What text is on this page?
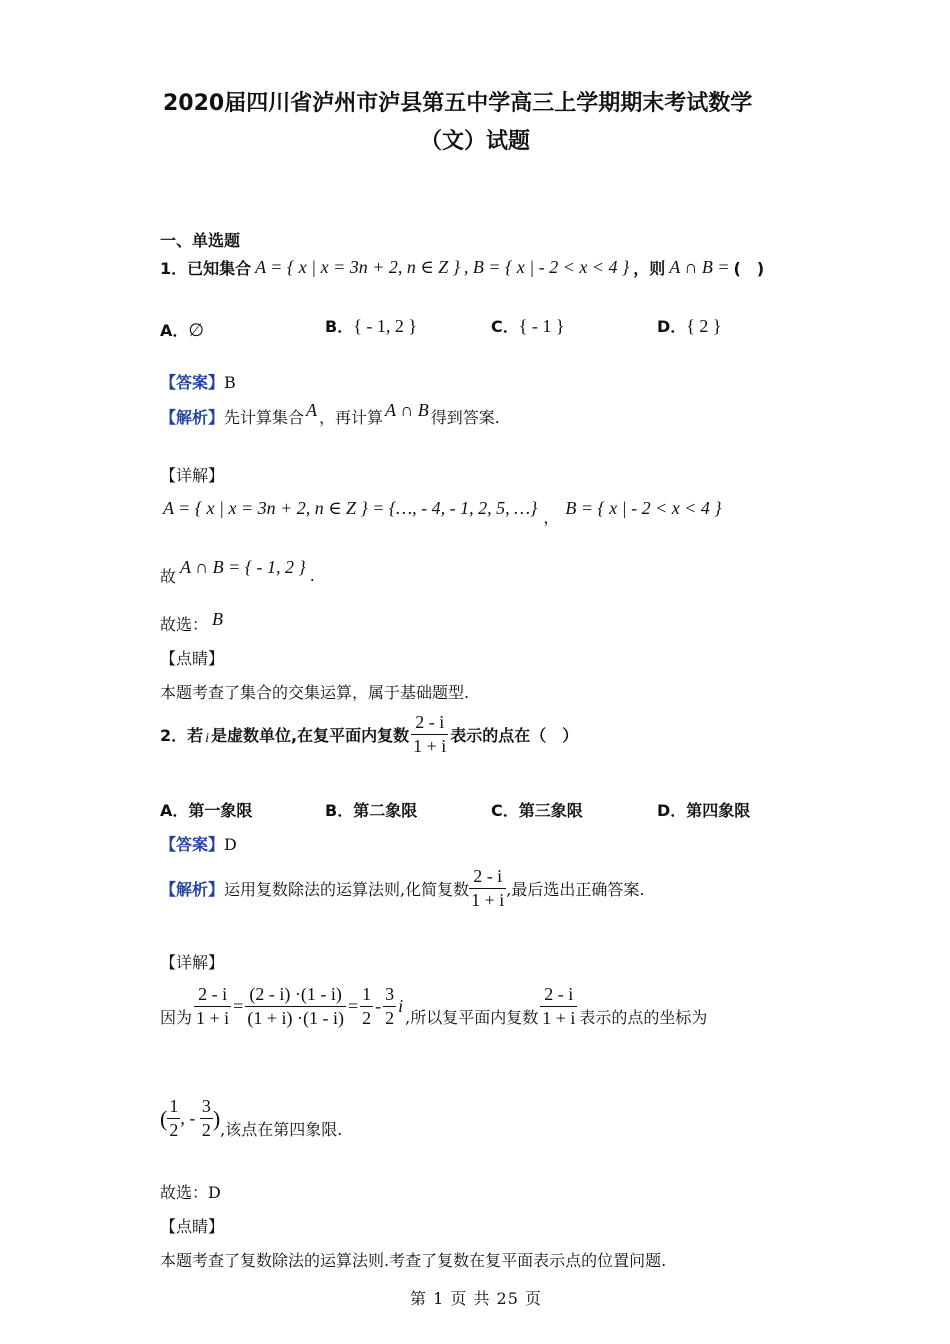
2020届四川省泸州市泸县第五中学高三上学期期末考试数学
（文）试题
一、单选题
1．已知集合 A = { x | x = 3n + 2, n ∈ Z } , B = { x | - 2 < x < 4 } ，则 A ∩ B = (　)
A．∅	B．{ - 1, 2 }	C．{ - 1 }	D．{ 2 }
【答案】B
【解析】 先计算集合 A ，再计算 A ∩ B 得到答案.
【详解】
A = { x | x = 3n + 2, n ∈ Z } = {…, - 4, - 1, 2, 5, …} ， B = { x | - 2 < x < 4 }
故 A ∩ B = { - 1, 2 } .
故选： B
【点睛】
本题考查了集合的交集运算，属于基础题型.
2．若 i 是虚数单位,在复平面内复数 $\frac{2 - i}{1 + i}$ 表示的点在（　）
A．第一象限	B．第二象限	C．第三象限	D．第四象限
【答案】D
【解析】 运用复数除法的运算法则,化简复数 $\frac{2 - i}{1 + i}$ ,最后选出正确答案.
【详解】
因为 $\frac{2 - i}{1 + i} = \frac{(2 - i) \cdot(1 - i)}{(1 + i) \cdot(1 - i)} = \frac{1}{2} - \frac{3}{2}$ i
,所以复平面内复数 $\frac{2 - i}{1 + i}$ 表示的点的坐标为
( $\frac{1}{2}$ , -
$\frac{3}{2}$ ) ,该点在第四象限.
故选：D
【点睛】
本题考查了复数除法的运算法则.考查了复数在复平面表示点的位置问题.
第 1 页 共 25 页
